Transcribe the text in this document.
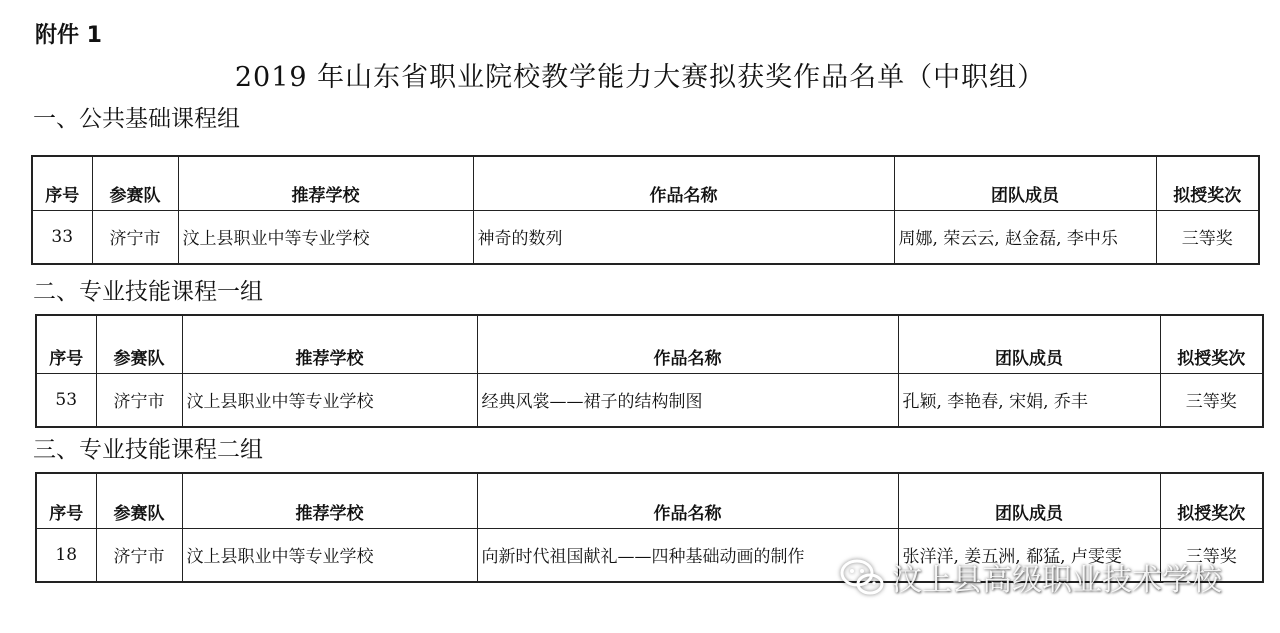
附件 1
2019 年山东省职业院校教学能力大赛拟获奖作品名单（中职组）
一、公共基础课程组
序号	参赛队	推荐学校	作品名称	团队成员	拟授奖次
33	济宁市	汶上县职业中等专业学校	神奇的数列	周娜, 荣云云, 赵金磊, 李中乐	三等奖
二、专业技能课程一组
序号	参赛队	推荐学校	作品名称	团队成员	拟授奖次
53	济宁市	汶上县职业中等专业学校	经典风裳——裙子的结构制图	孔颖, 李艳春, 宋娟, 乔丰	三等奖
三、专业技能课程二组
序号	参赛队	推荐学校	作品名称	团队成员	拟授奖次
18	济宁市	汶上县职业中等专业学校	向新时代祖国献礼——四种基础动画的制作	张洋洋, 姜五洲, 郗猛, 卢雯雯	三等奖
汶上县高级职业技术学校
